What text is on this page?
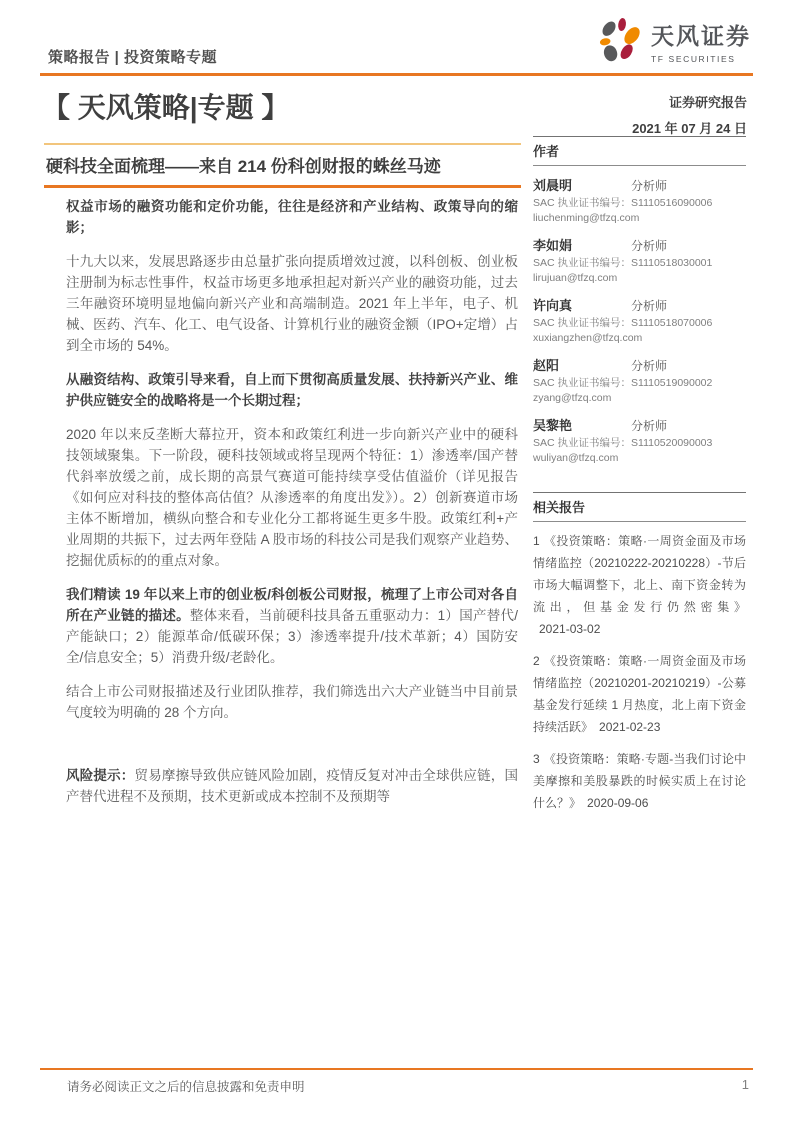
策略报告 | 投资策略专题
天风证券
TF SECURITIES
【 天风策略|专题 】	证券研究报告
2021 年 07 月 24 日
硬科技全面梳理——来自 214 份科创财报的蛛丝马迹

权益市场的融资功能和定价功能，往往是经济和产业结构、政策导向的缩影；

十九大以来，发展思路逐步由总量扩张向提质增效过渡，以科创板、创业板注册制为标志性事件，权益市场更多地承担起对新兴产业的融资功能，过去三年融资环境明显地偏向新兴产业和高端制造。2021 年上半年，电子、机械、医药、汽车、化工、电气设备、计算机行业的融资金额（IPO+定增）占到全市场的 54%。

从融资结构、政策引导来看，自上而下贯彻高质量发展、扶持新兴产业、维护供应链安全的战略将是一个长期过程；

2020 年以来反垄断大幕拉开，资本和政策红利进一步向新兴产业中的硬科技领域聚集。下一阶段，硬科技领域或将呈现两个特征：1）渗透率/国产替代斜率放缓之前，成长期的高景气赛道可能持续享受估值溢价（详见报告《如何应对科技的整体高估值？从渗透率的角度出发》）。2）创新赛道市场主体不断增加，横纵向整合和专业化分工都将诞生更多牛股。政策红利+产业周期的共振下，过去两年登陆 A 股市场的科技公司是我们观察产业趋势、挖掘优质标的的重点对象。

我们精读 19 年以来上市的创业板/科创板公司财报，梳理了上市公司对各自所在产业链的描述。整体来看，当前硬科技具备五重驱动力：1）国产替代/产能缺口；2）能源革命/低碳环保；3）渗透率提升/技术革新；4）国防安全/信息安全；5）消费升级/老龄化。

结合上市公司财报描述及行业团队推荐，我们筛选出六大产业链当中目前景气度较为明确的 28 个方向。

风险提示：贸易摩擦导致供应链风险加剧，疫情反复对冲击全球供应链，国产替代进程不及预期，技术更新或成本控制不及预期等

作者
刘晨明	分析师
SAC 执业证书编号：S1110516090006
liuchenming@tfzq.com
李如娟	分析师
SAC 执业证书编号：S1110518030001
lirujuan@tfzq.com
许向真	分析师
SAC 执业证书编号：S1110518070006
xuxiangzhen@tfzq.com
赵阳	分析师
SAC 执业证书编号：S1110519090002
zyang@tfzq.com
吴黎艳	分析师
SAC 执业证书编号：S1110520090003
wuliyan@tfzq.com
相关报告

1 《投资策略：策略·一周资金面及市场情绪监控（20210222-20210228）-节后市场大幅调整下，北上、南下资金转为流出，但基金发行仍然密集》2021-03-02

2 《投资策略：策略·一周资金面及市场情绪监控（20210201-20210219）-公募基金发行延续 1 月热度，北上南下资金持续活跃》 2021-02-23

3 《投资策略：策略·专题-当我们讨论中美摩擦和美股暴跌的时候实质上在讨论什么？》 2020-09-06

请务必阅读正文之后的信息披露和免责申明	1
